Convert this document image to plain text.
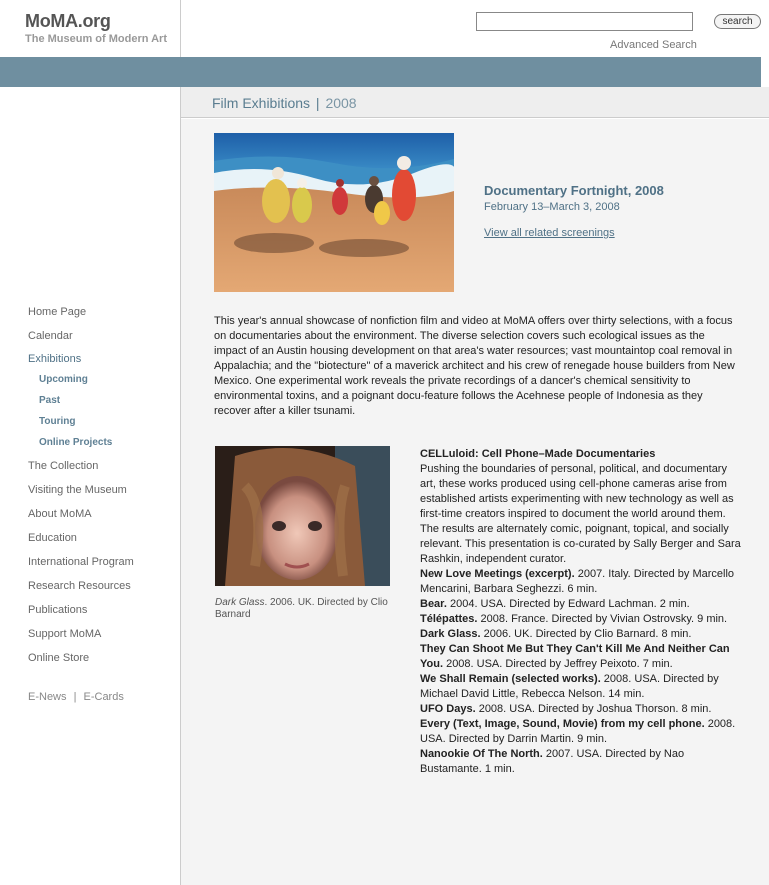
MoMA.org
The Museum of Modern Art
search
Advanced Search
Film Exhibitions | 2008
Home Page
Calendar
Exhibitions
Upcoming
Past
Touring
Online Projects
The Collection
Visiting the Museum
About MoMA
Education
International Program
Research Resources
Publications
Support MoMA
Online Store
E-News | E-Cards
Documentary Fortnight, 2008
February 13–March 3, 2008
View all related screenings
This year's annual showcase of nonfiction film and video at MoMA offers over thirty selections, with a focus on documentaries about the environment. The diverse selection covers such ecological issues as the impact of an Austin housing development on that area's water resources; vast mountaintop coal removal in Appalachia; and the "biotecture" of a maverick architect and his crew of renegade house builders from New Mexico. One experimental work reveals the private recordings of a dancer's chemical sensitivity to environmental toxins, and a poignant docu-feature follows the Acehnese people of Indonesia as they recover after a killer tsunami.
Dark Glass. 2006. UK. Directed by Clio Barnard
CELLuloid: Cell Phone–Made Documentaries
Pushing the boundaries of personal, political, and documentary art, these works produced using cell-phone cameras arise from established artists experimenting with new technology as well as first-time creators inspired to document the world around them. The results are alternately comic, poignant, topical, and socially relevant. This presentation is co-curated by Sally Berger and Sara Rashkin, independent curator.
New Love Meetings (excerpt). 2007. Italy. Directed by Marcello Mencarini, Barbara Seghezzi. 6 min.
Bear. 2004. USA. Directed by Edward Lachman. 2 min.
Télépattes. 2008. France. Directed by Vivian Ostrovsky. 9 min.
Dark Glass. 2006. UK. Directed by Clio Barnard. 8 min.
They Can Shoot Me But They Can't Kill Me And Neither Can You. 2008. USA. Directed by Jeffrey Peixoto. 7 min.
We Shall Remain (selected works). 2008. USA. Directed by Michael David Little, Rebecca Nelson. 14 min.
UFO Days. 2008. USA. Directed by Joshua Thorson. 8 min.
Every (Text, Image, Sound, Movie) from my cell phone. 2008. USA. Directed by Darrin Martin. 9 min.
Nanookie Of The North. 2007. USA. Directed by Nao Bustamante. 1 min.
